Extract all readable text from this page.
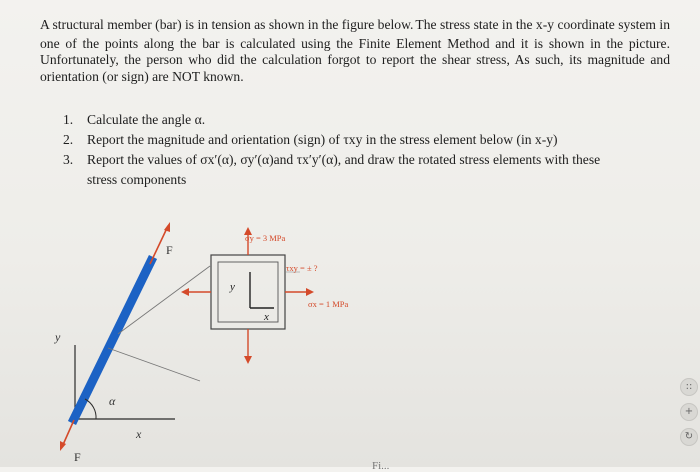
A structural member (bar) is in tension as shown in the figure below. The stress state in the x-y coordinate system in one of the points along the bar is calculated using the Finite Element Method and it is shown in the picture. Unfortunately, the person who did the calculation forgot to report the shear stress, As such, its magnitude and orientation (or sign) are NOT known.
1.	Calculate the angle α.
2.	Report the magnitude and orientation (sign) of τxy in the stress element below (in x-y)
3.	Report the values of σx′(α), σy′(α)and τx′y′(α), and draw the rotated stress elements with these
stress components
F
F
α
y
x
σy = 3 MPa
τxy = ± ?
σx = 1 MPa
y
x
Fi...
::
+
↻
